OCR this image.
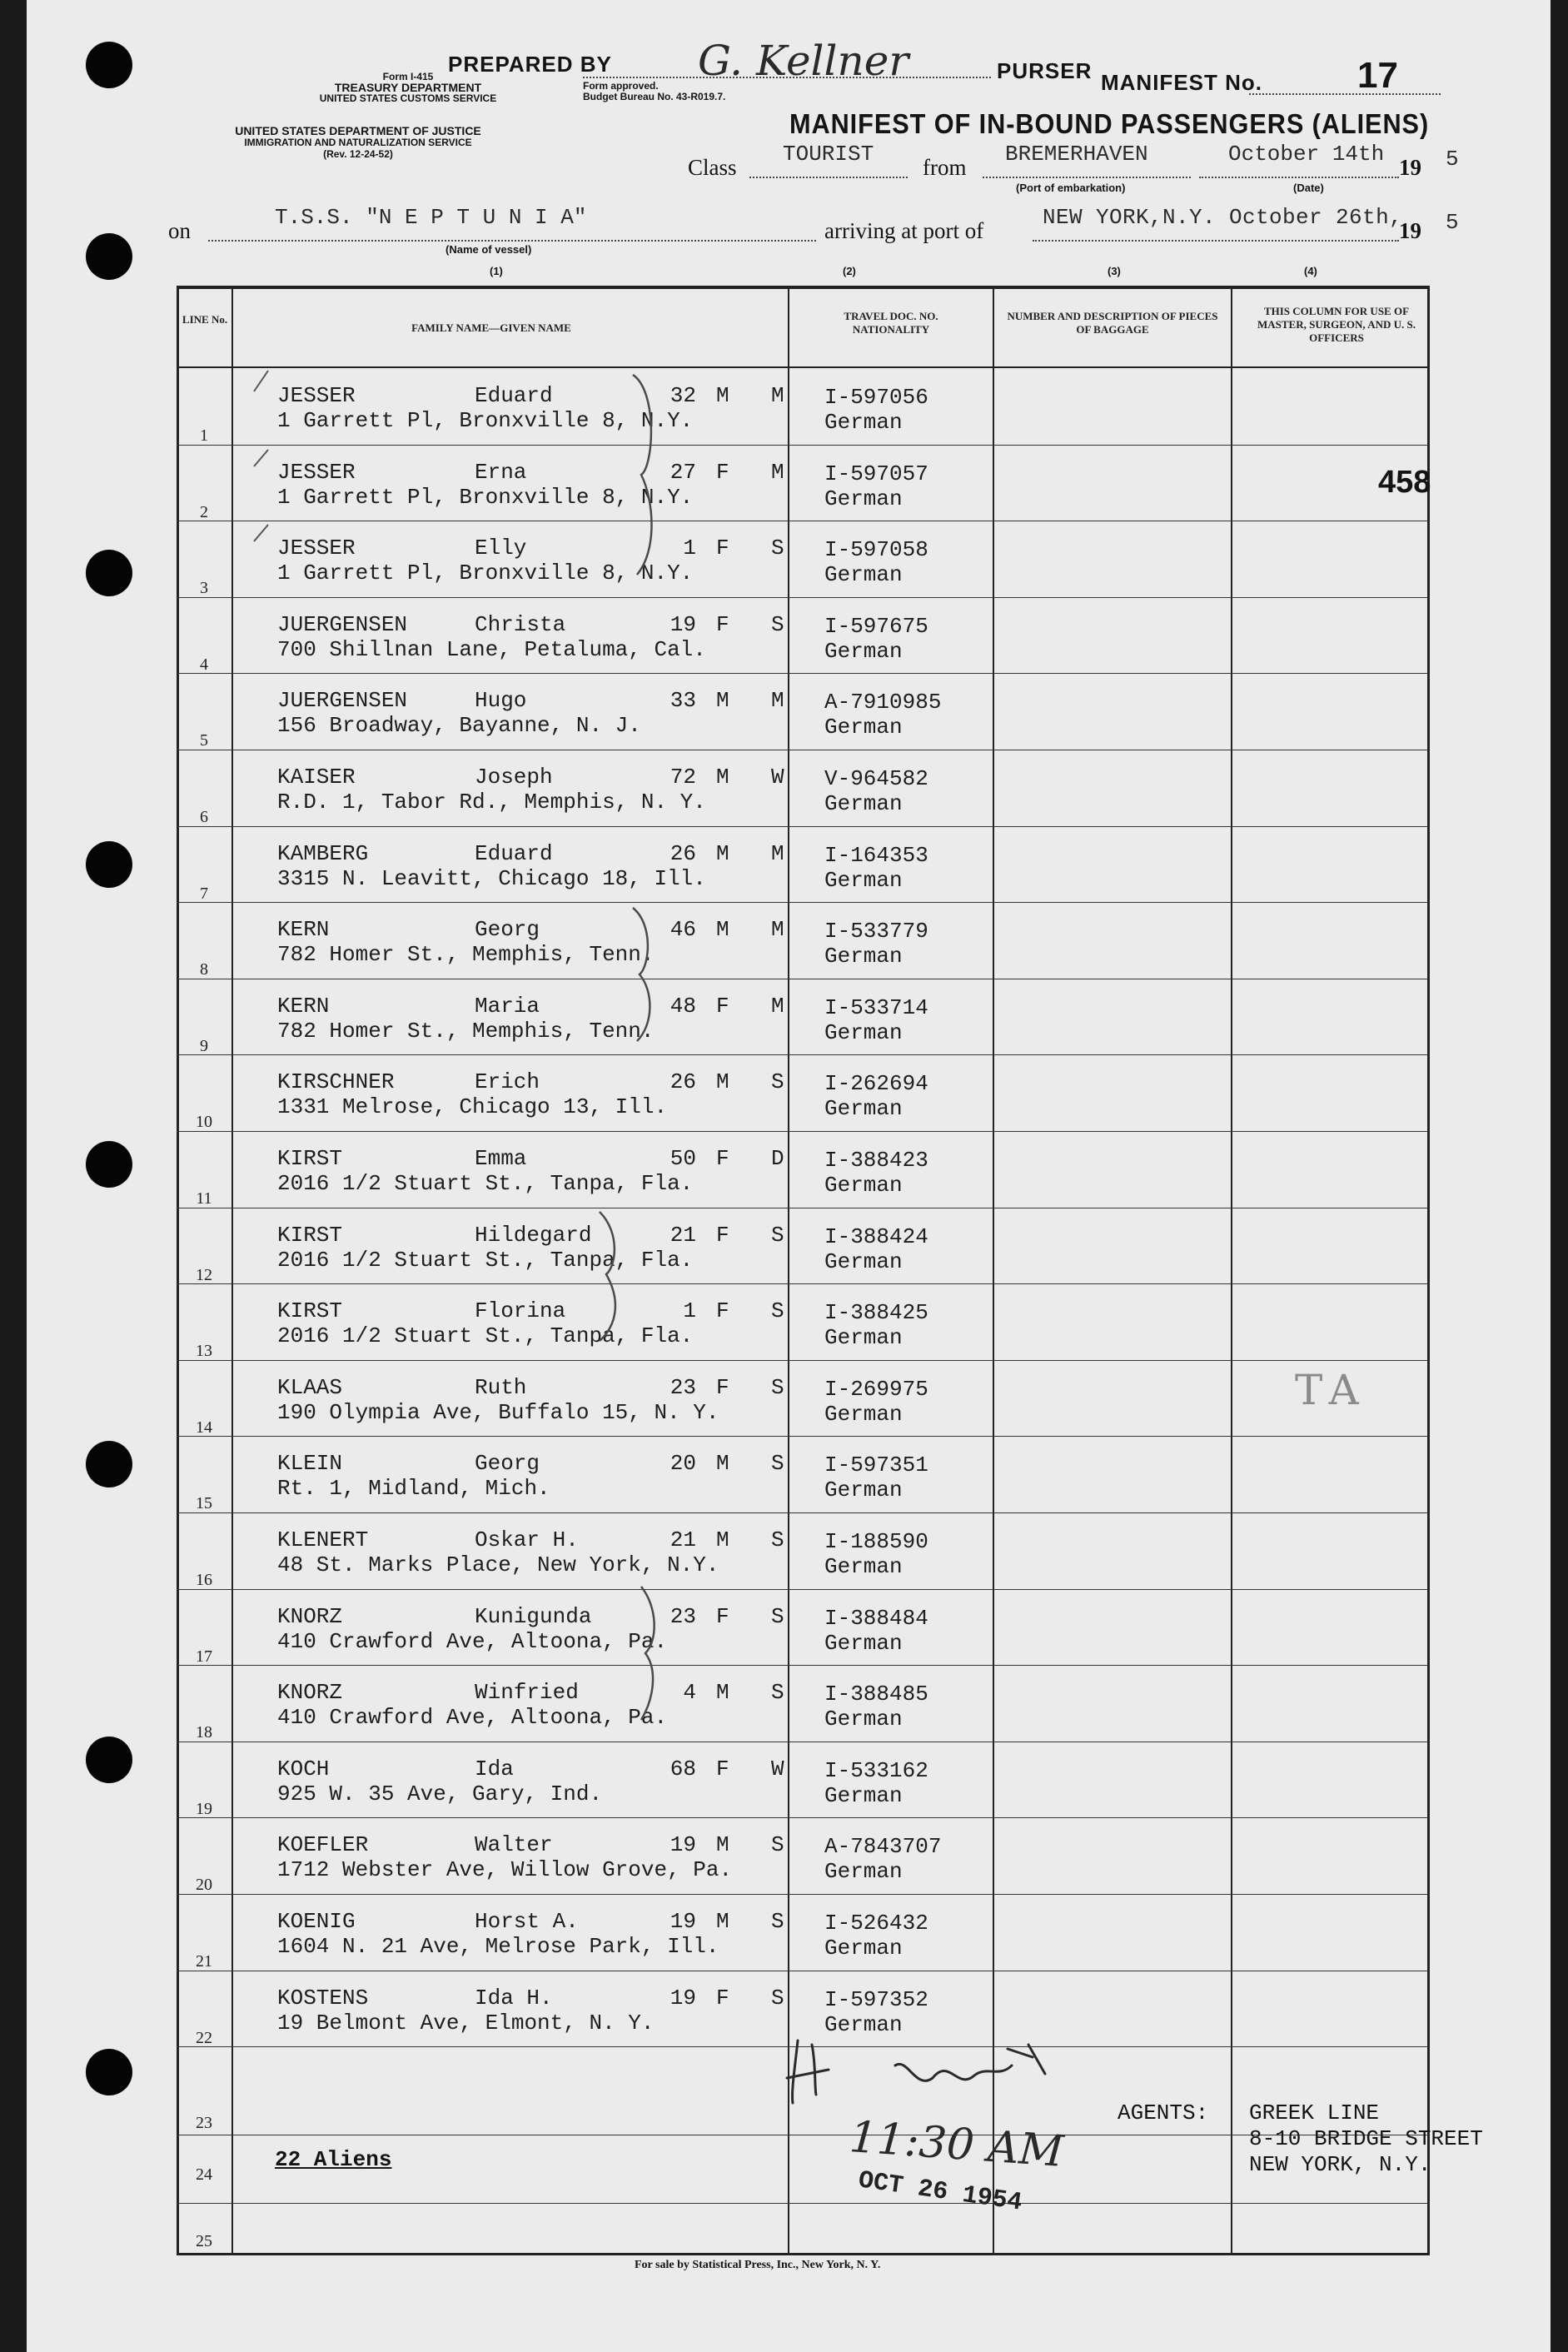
Form I-415
TREASURY DEPARTMENT
UNITED STATES CUSTOMS SERVICE
UNITED STATES DEPARTMENT OF JUSTICE
IMMIGRATION AND NATURALIZATION SERVICE
(Rev. 12-24-52)
PREPARED BY G. Kellner
Form approved.
Budget Bureau No. 43-R019.7.
PURSER MANIFEST No.	17
MANIFEST OF IN-BOUND PASSENGERS (ALIENS)
Class
TOURIST
from
BREMERHAVEN
(Port of embarkation)
October 14th
(Date)
19 5
on
T.S.S. "N E P T U N I A"
(Name of vessel)
arriving at port of
NEW YORK,N.Y. October 26th,
19 5
(1)	(2)	(3)	(4)
LINE No.
FAMILY NAME—GIVEN NAME
TRAVEL DOC. NO. NATIONALITY
NUMBER AND DESCRIPTION OF PIECES OF BAGGAGE
THIS COLUMN FOR USE OF MASTER, SURGEON, AND U. S. OFFICERS
1
JESSER	Eduard	32 M M
1 Garrett Pl, Bronxville 8, N.Y.
I-597056
German
2
JESSER	Erna	27 F M
1 Garrett Pl, Bronxville 8, N.Y.
I-597057
German
3
JESSER	Elly	1 F S
1 Garrett Pl, Bronxville 8, N.Y.
I-597058
German
4
JUERGENSEN	Christa	19 F S
700 Shillnan Lane, Petaluma, Cal.
I-597675
German
5
JUERGENSEN	Hugo	33 M M
156 Broadway, Bayanne, N. J.
A-7910985
German
6
KAISER	Joseph	72 M W
R.D. 1, Tabor Rd., Memphis, N. Y.
V-964582
German
7
KAMBERG	Eduard	26 M M
3315 N. Leavitt, Chicago 18, Ill.
I-164353
German
8
KERN	Georg	46 M M
782 Homer St., Memphis, Tenn.
I-533779
German
9
KERN	Maria	48 F M
782 Homer St., Memphis, Tenn.
I-533714
German
10
KIRSCHNER	Erich	26 M S
1331 Melrose, Chicago 13, Ill.
I-262694
German
11
KIRST	Emma	50 F D
2016 1/2 Stuart St., Tanpa, Fla.
I-388423
German
12
KIRST	Hildegard	21 F S
2016 1/2 Stuart St., Tanpa, Fla.
I-388424
German
13
KIRST	Florina	1 F S
2016 1/2 Stuart St., Tanpa, Fla.
I-388425
German
14
KLAAS	Ruth	23 F S
190 Olympia Ave, Buffalo 15, N. Y.
I-269975
German
15
KLEIN	Georg	20 M S
Rt. 1, Midland, Mich.
I-597351
German
16
KLENERT	Oskar H.	21 M S
48 St. Marks Place, New York, N.Y.
I-188590
German
17
KNORZ	Kunigunda	23 F S
410 Crawford Ave, Altoona, Pa.
I-388484
German
18
KNORZ	Winfried	4 M S
410 Crawford Ave, Altoona, Pa.
I-388485
German
19
KOCH	Ida	68 F W
925 W. 35 Ave, Gary, Ind.
I-533162
German
20
KOEFLER	Walter	19 M S
1712 Webster Ave, Willow Grove, Pa.
A-7843707
German
21
KOENIG	Horst A.	19 M S
1604 N. 21 Ave, Melrose Park, Ill.
I-526432
German
22
KOSTENS	Ida H.	19 F S
19 Belmont Ave, Elmont, N. Y.
I-597352
German
23
24
25
458
TA
11:30 AM
OCT 26 1954
22 Aliens
AGENTS: GREEK LINE
8-10 BRIDGE STREET
NEW YORK, N.Y.
For sale by Statistical Press, Inc., New York, N. Y.
